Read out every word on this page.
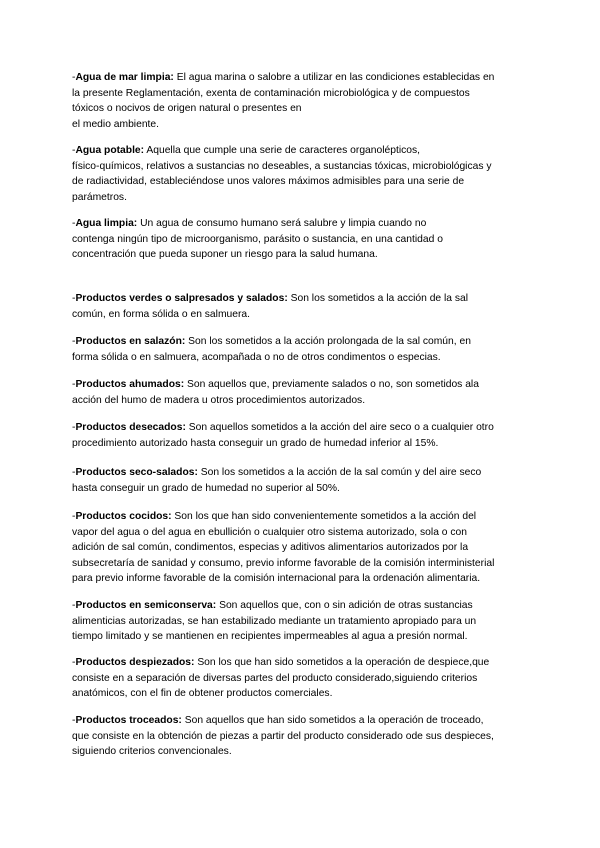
-Agua de mar limpia: El agua marina o salobre a utilizar en las condiciones establecidas en
la presente Reglamentación, exenta de contaminación microbiológica y de compuestos
tóxicos o nocivos de origen natural o presentes en
el medio ambiente.

-Agua potable: Aquella que cumple una serie de caracteres organolépticos,
físico-químicos, relativos a sustancias no deseables, a sustancias tóxicas, microbiológicas y
de radiactividad, estableciéndose unos valores máximos admisibles para una serie de
parámetros.

-Agua limpia: Un agua de consumo humano será salubre y limpia cuando no
contenga ningún tipo de microorganismo, parásito o sustancia, en una cantidad o
concentración que pueda suponer un riesgo para la salud humana.

-Productos verdes o salpresados y salados: Son los sometidos a la acción de la sal
común, en forma sólida o en salmuera.

-Productos en salazón: Son los sometidos a la acción prolongada de la sal común, en
forma sólida o en salmuera, acompañada o no de otros condimentos o especias.

-Productos ahumados: Son aquellos que, previamente salados o no, son sometidos ala
acción del humo de madera u otros procedimientos autorizados.

-Productos desecados: Son aquellos sometidos a la acción del aire seco o a cualquier otro
procedimiento autorizado hasta conseguir un grado de humedad inferior al 15%.

-Productos seco-salados: Son los sometidos a la acción de la sal común y del aire seco
hasta conseguir un grado de humedad no superior al 50%.

-Productos cocidos: Son los que han sido convenientemente sometidos a la acción del
vapor del agua o del agua en ebullición o cualquier otro sistema autorizado, sola o con
adición de sal común, condimentos, especias y aditivos alimentarios autorizados por la
subsecretaría de sanidad y consumo, previo informe favorable de la comisión interministerial
para previo informe favorable de la comisión internacional para la ordenación alimentaria.

-Productos en semiconserva: Son aquellos que, con o sin adición de otras sustancias
alimenticias autorizadas, se han estabilizado mediante un tratamiento apropiado para un
tiempo limitado y se mantienen en recipientes impermeables al agua a presión normal.

-Productos despiezados: Son los que han sido sometidos a la operación de despiece,que
consiste en a separación de diversas partes del producto considerado,siguiendo criterios
anatómicos, con el fin de obtener productos comerciales.

-Productos troceados: Son aquellos que han sido sometidos a la operación de troceado,
que consiste en la obtención de piezas a partir del producto considerado ode sus despieces,
siguiendo criterios convencionales.
